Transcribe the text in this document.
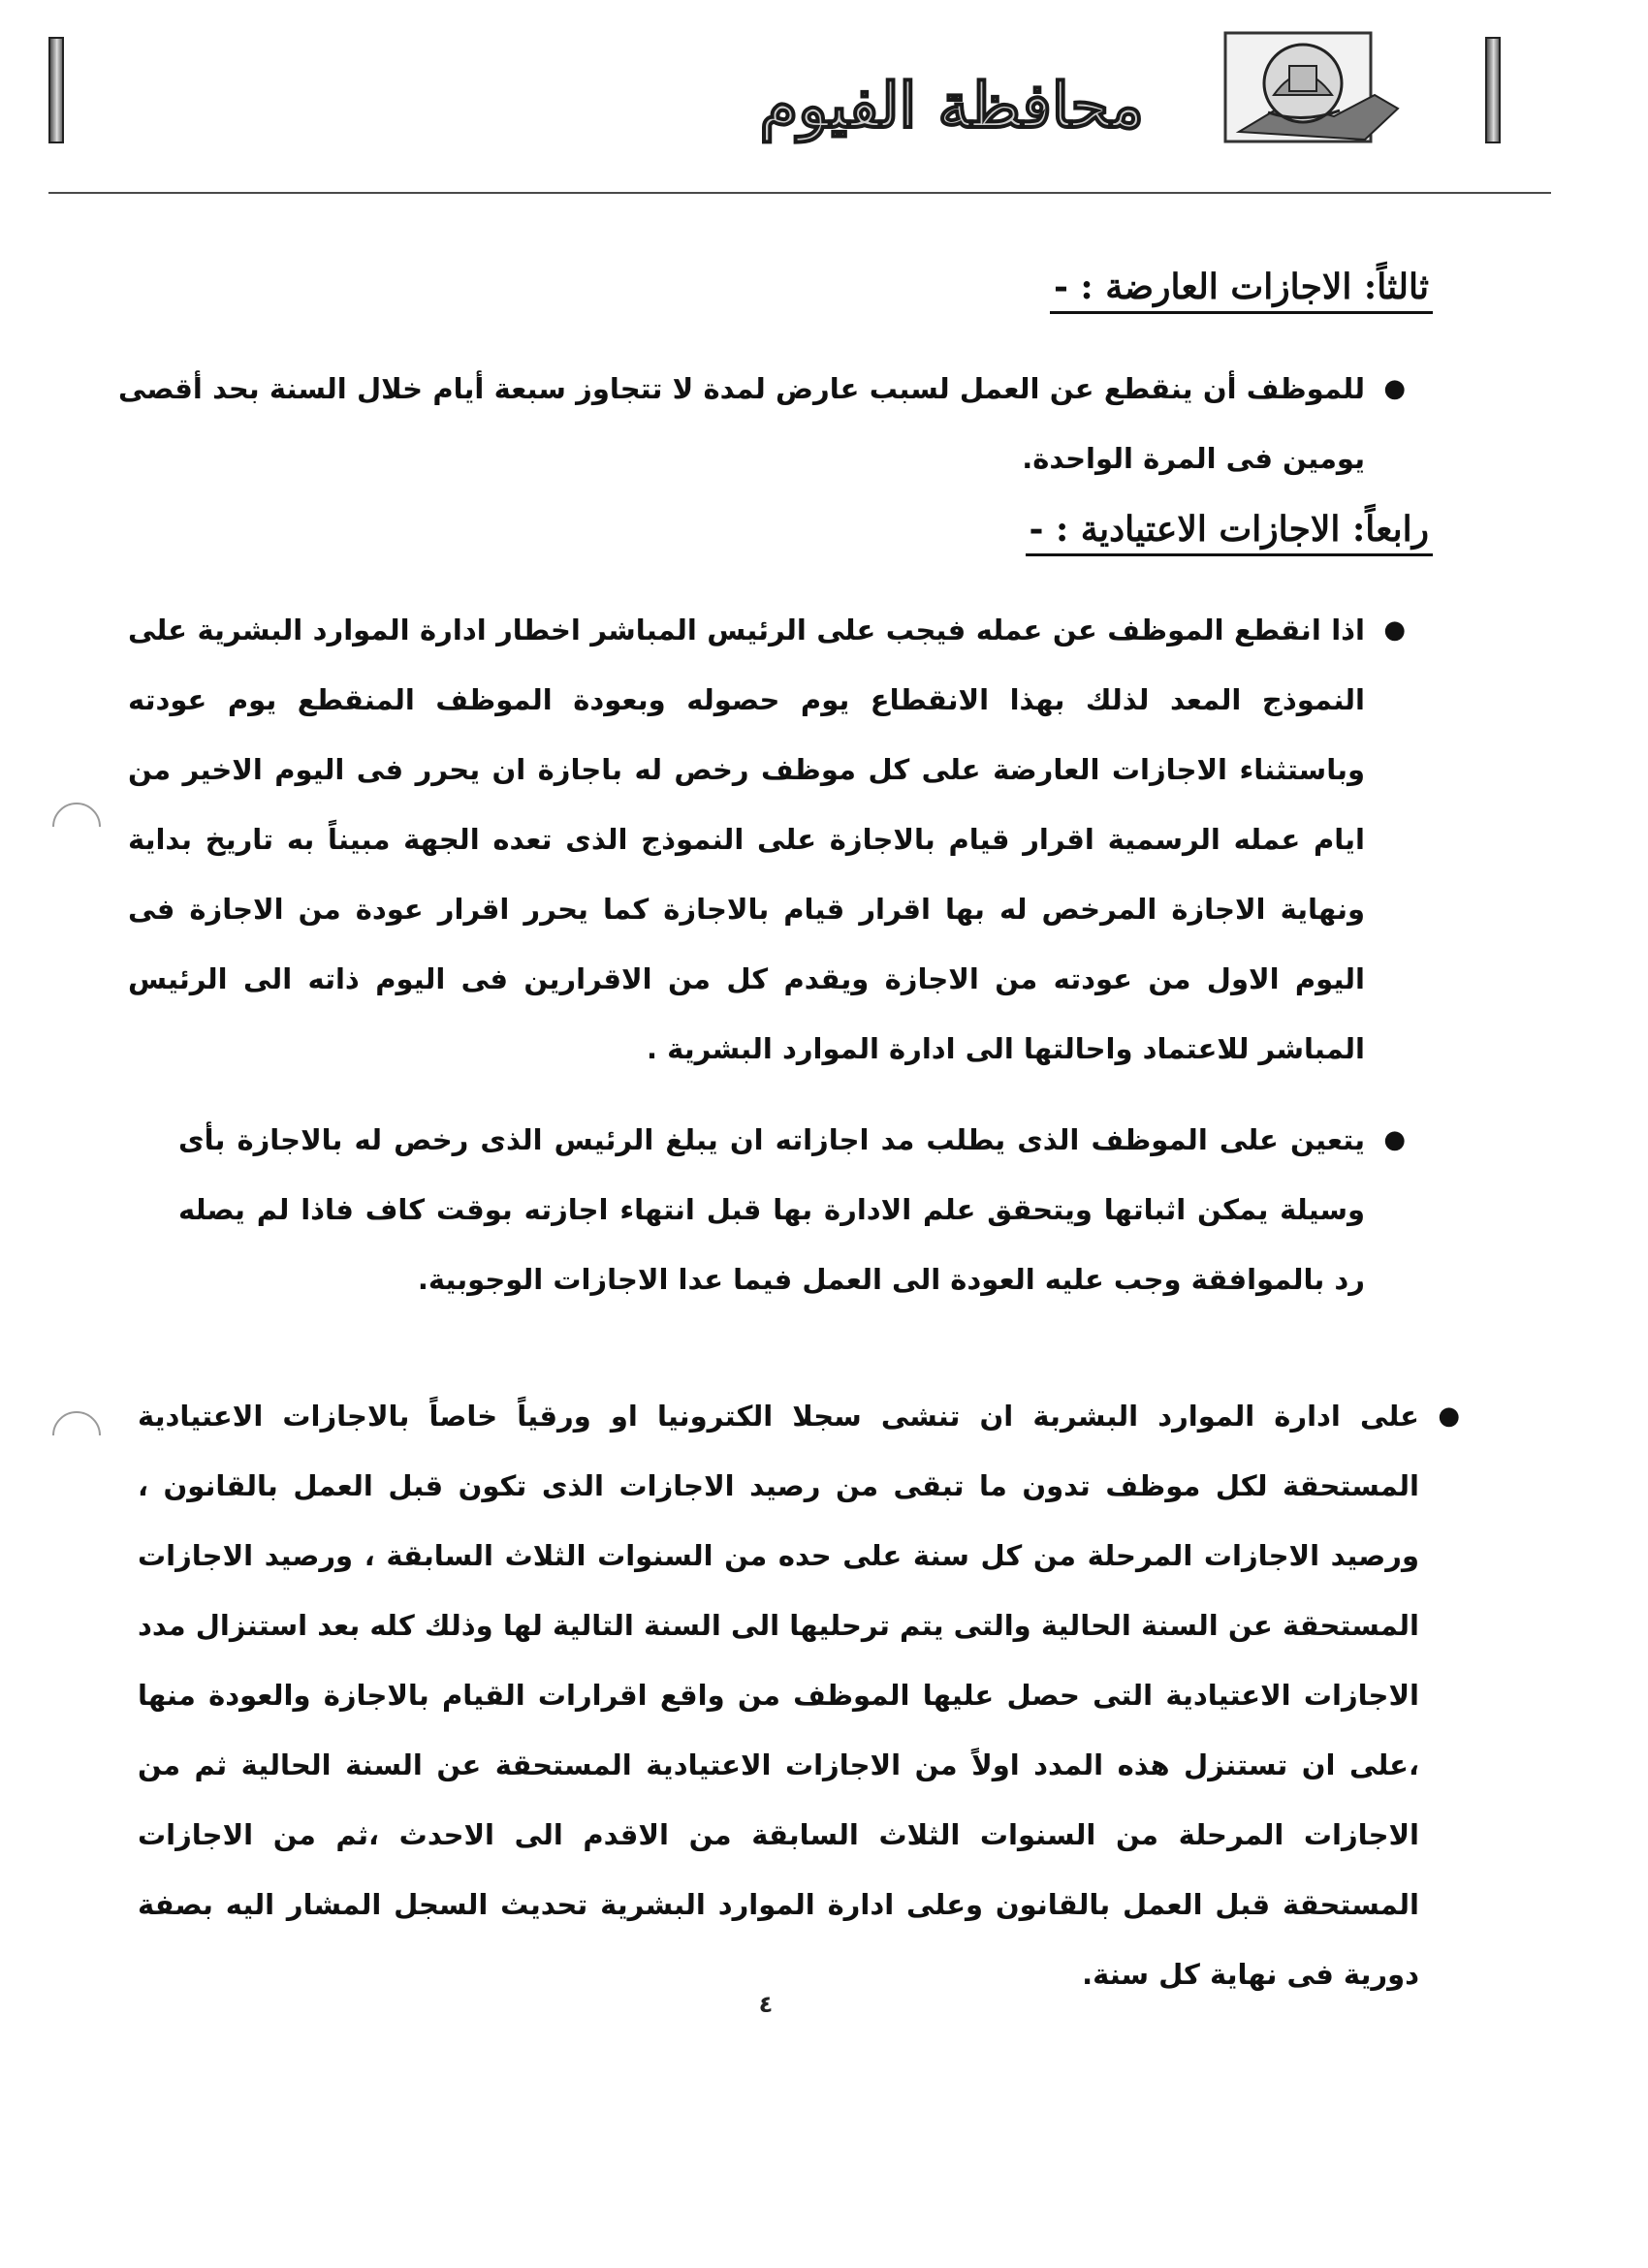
محافظة الفيوم
ثالثاً: الاجازات العارضة : -
●
للموظف أن ينقطع عن العمل لسبب عارض لمدة لا تتجاوز سبعة أيام خلال السنة بحد أقصى يومين فى المرة الواحدة.
رابعاً: الاجازات الاعتيادية : -
●
اذا انقطع الموظف عن عمله فيجب على الرئيس المباشر اخطار ادارة الموارد البشرية على النموذج المعد لذلك بهذا الانقطاع يوم حصوله وبعودة الموظف المنقطع يوم عودته وباستثناء الاجازات العارضة على كل موظف رخص له باجازة ان يحرر فى اليوم الاخير من ايام عمله الرسمية اقرار قيام بالاجازة على النموذج الذى تعده الجهة مبيناً به تاريخ بداية ونهاية الاجازة المرخص له بها اقرار قيام بالاجازة كما يحرر اقرار عودة من الاجازة فى اليوم الاول من عودته من الاجازة ويقدم كل من الاقرارين فى اليوم ذاته الى الرئيس المباشر للاعتماد واحالتها الى ادارة الموارد البشرية .
●
يتعين على الموظف الذى يطلب مد اجازاته ان يبلغ الرئيس الذى رخص له بالاجازة بأى وسيلة يمكن اثباتها ويتحقق علم الادارة بها قبل انتهاء اجازته بوقت كاف فاذا لم يصله رد بالموافقة وجب عليه العودة الى العمل فيما عدا الاجازات الوجوبية.
●
على ادارة الموارد البشربة ان تنشى سجلا الكترونيا او ورقياً خاصاً بالاجازات الاعتيادية المستحقة لكل موظف تدون ما تبقى من رصيد الاجازات الذى تكون قبل العمل بالقانون ، ورصيد الاجازات المرحلة من كل سنة على حده من السنوات الثلاث السابقة ، ورصيد الاجازات المستحقة عن السنة الحالية والتى يتم ترحليها الى السنة التالية لها وذلك كله بعد استنزال مدد الاجازات الاعتيادية التى حصل عليها الموظف من واقع اقرارات القيام بالاجازة والعودة منها ،على ان تستنزل هذه المدد اولاً من الاجازات الاعتيادية المستحقة عن السنة الحالية ثم من الاجازات المرحلة من السنوات الثلاث السابقة من الاقدم الى الاحدث ،ثم من الاجازات المستحقة قبل العمل بالقانون وعلى ادارة الموارد البشرية تحديث السجل المشار اليه بصفة دورية فى نهاية كل سنة.
٤
